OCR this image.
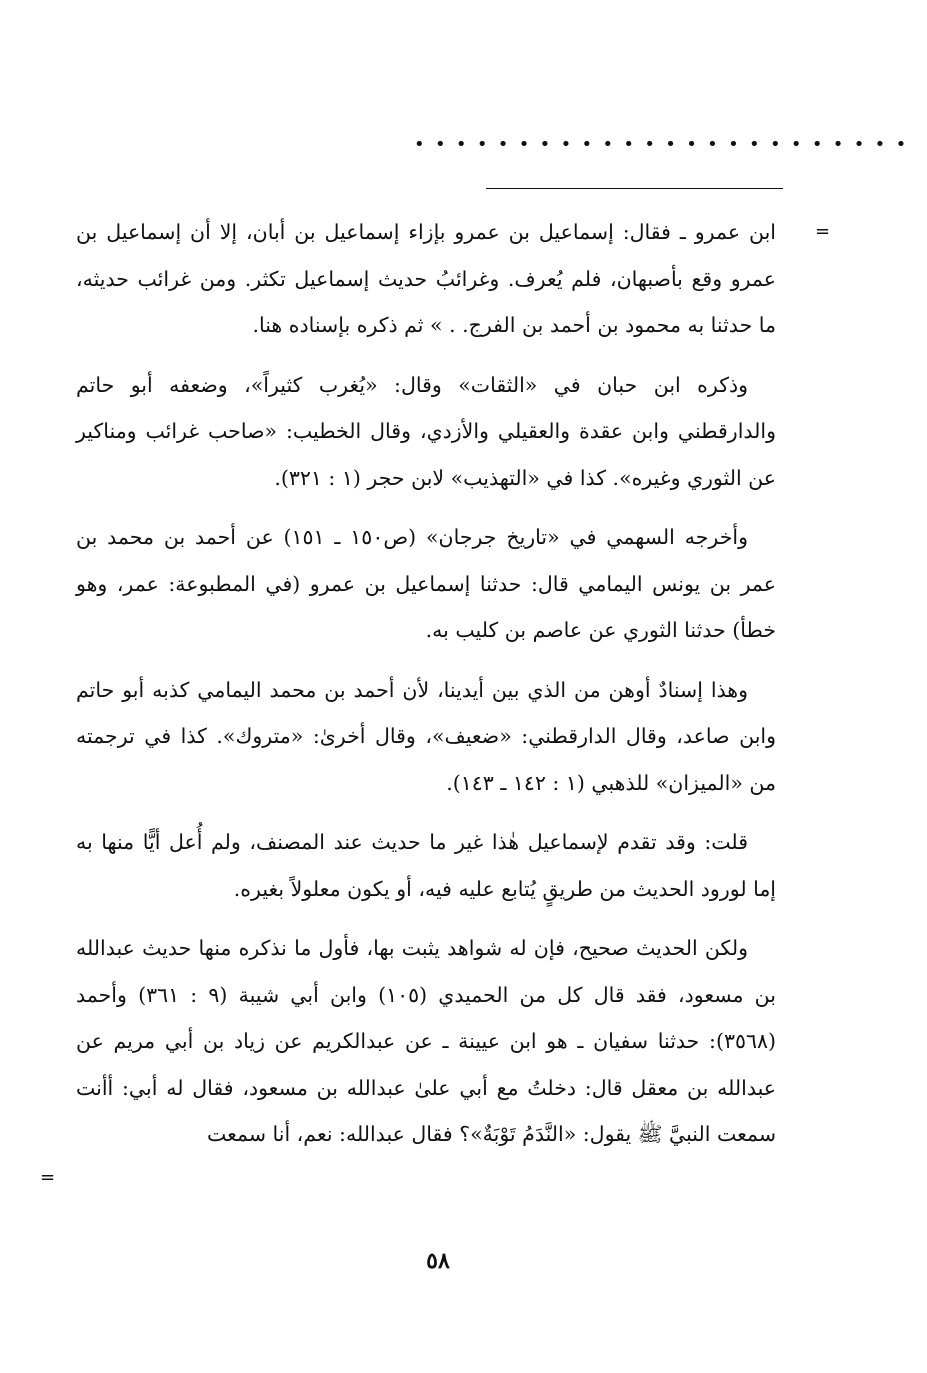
• • • • • • • • • • • • • • • • • • • • • • • •
=

ابن عمرو ـ فقال: إسماعيل بن عمرو بإزاء إسماعيل بن أبان، إلا أن إسماعيل بن عمرو وقع بأصبهان، فلم يُعرف. وغرائبُ حديث إسماعيل تكثر. ومن غرائب حديثه، ما حدثنا به محمود بن أحمد بن الفرج. . » ثم ذكره بإسناده هنا.

وذكره ابن حبان في «الثقات» وقال: «يُغرب كثيراً»، وضعفه أبو حاتم والدارقطني وابن عقدة والعقيلي والأزدي، وقال الخطيب: «صاحب غرائب ومناكير عن الثوري وغيره». كذا في «التهذيب» لابن حجر (١ : ٣٢١).

وأخرجه السهمي في «تاريخ جرجان» (ص١٥٠ ـ ١٥١) عن أحمد بن محمد بن عمر بن يونس اليمامي قال: حدثنا إسماعيل بن عمرو (في المطبوعة: عمر، وهو خطأ) حدثنا الثوري عن عاصم بن كليب به.

وهذا إسنادٌ أوهن من الذي بين أيدينا، لأن أحمد بن محمد اليمامي كذبه أبو حاتم وابن صاعد، وقال الدارقطني: «ضعيف»، وقال أخرىٰ: «متروك». كذا في ترجمته من «الميزان» للذهبي (١ : ١٤٢ ـ ١٤٣).

قلت: وقد تقدم لإسماعيل هٰذا غير ما حديث عند المصنف، ولم أُعل أيًّا منها به إما لورود الحديث من طريقٍ يُتابع عليه فيه، أو يكون معلولاً بغيره.

ولكن الحديث صحيح، فإن له شواهد يثبت بها، فأول ما نذكره منها حديث عبدالله بن مسعود، فقد قال كل من الحميدي (١٠٥) وابن أبي شيبة (٩ : ٣٦١) وأحمد (٣٥٦٨): حدثنا سفيان ـ هو ابن عيينة ـ عن عبدالكريم عن زياد بن أبي مريم عن عبدالله بن معقل قال: دخلتُ مع أبي علىٰ عبدالله بن مسعود، فقال له أبي: أأنت سمعت النبيَّ ﷺ يقول: «النَّدَمُ تَوْبَةٌ»؟ فقال عبدالله: نعم، أنا سمعت

=
٥٨
